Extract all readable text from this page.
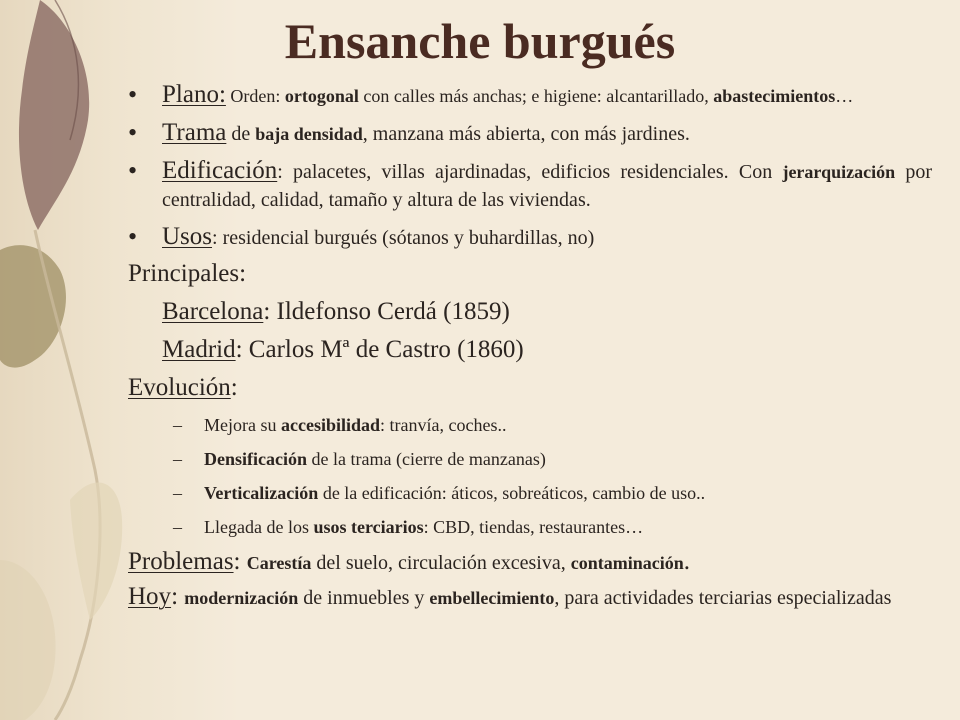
Ensanche burgués
• Plano: Orden: ortogonal con calles más anchas; e higiene: alcantarillado, abastecimientos…
• Trama de baja densidad, manzana más abierta, con más jardines.
• Edificación: palacetes, villas ajardinadas, edificios residenciales. Con jerarquización por centralidad, calidad, tamaño y altura de las viviendas.
• Usos: residencial burgués (sótanos y buhardillas, no)

Principales:

Barcelona: Ildefonso Cerdá (1859)

Madrid: Carlos Mª de Castro (1860)

Evolución:

– Mejora su accesibilidad: tranvía, coches..
– Densificación de la trama (cierre de manzanas)
– Verticalización de la edificación: áticos, sobreáticos, cambio de uso..
– Llegada de los usos terciarios: CBD, tiendas, restaurantes…

Problemas: Carestía del suelo, circulación excesiva, contaminación.

Hoy: modernización de inmuebles y embellecimiento, para actividades terciarias especializadas
